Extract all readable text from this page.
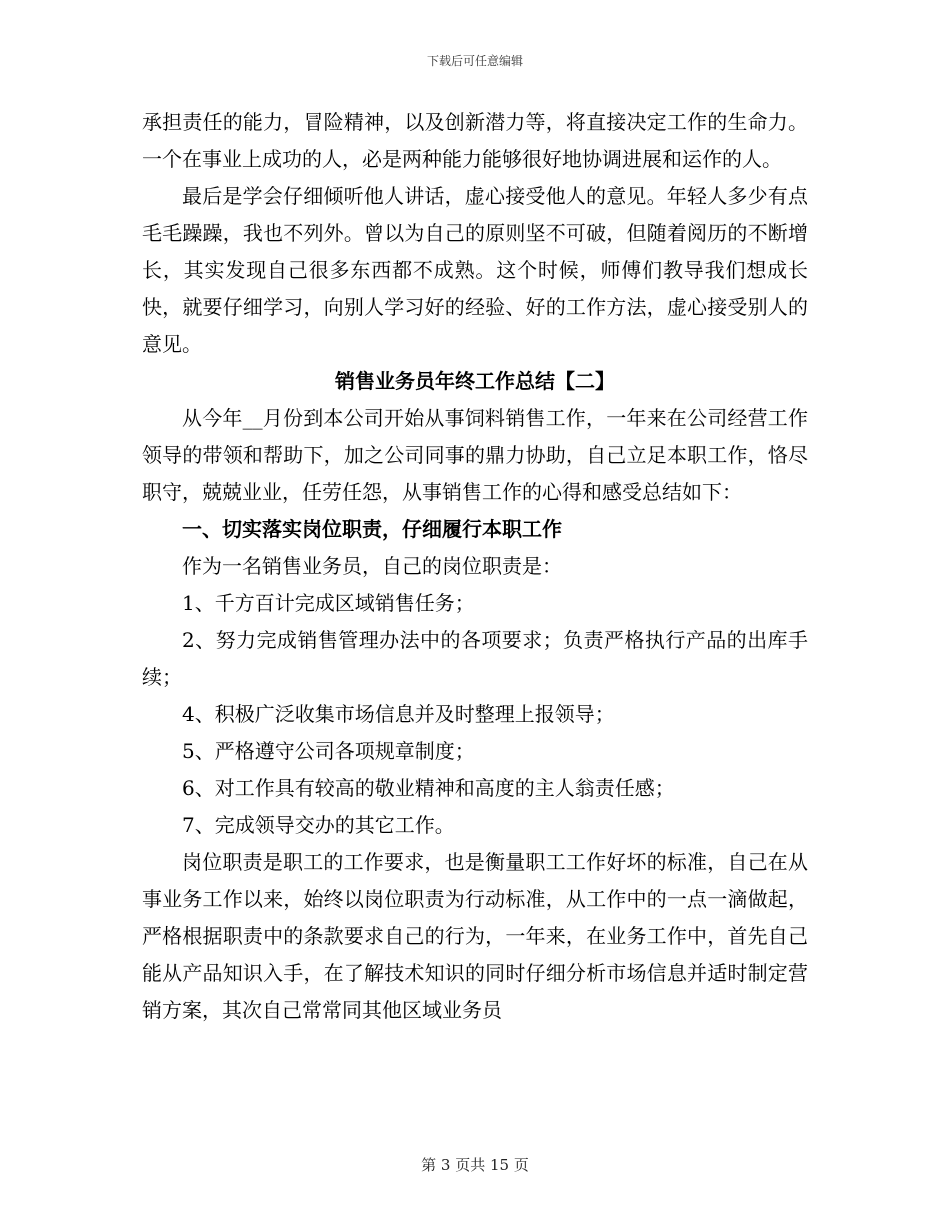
下载后可任意编辑

承担责任的能力，冒险精神，以及创新潜力等，将直接决定工作的生命力。一个在事业上成功的人，必是两种能力能够很好地协调进展和运作的人。

最后是学会仔细倾听他人讲话，虚心接受他人的意见。年轻人多少有点毛毛躁躁，我也不列外。曾以为自己的原则坚不可破，但随着阅历的不断增长，其实发现自己很多东西都不成熟。这个时候，师傅们教导我们想成长快，就要仔细学习，向别人学习好的经验、好的工作方法，虚心接受别人的意见。

销售业务员年终工作总结【二】

从今年__月份到本公司开始从事饲料销售工作，一年来在公司经营工作领导的带领和帮助下，加之公司同事的鼎力协助，自己立足本职工作，恪尽职守，兢兢业业，任劳任怨，从事销售工作的心得和感受总结如下：

一、切实落实岗位职责，仔细履行本职工作

作为一名销售业务员，自己的岗位职责是：

1、千方百计完成区域销售任务；

2、努力完成销售管理办法中的各项要求；负责严格执行产品的出库手续；

4、积极广泛收集市场信息并及时整理上报领导；

5、严格遵守公司各项规章制度；

6、对工作具有较高的敬业精神和高度的主人翁责任感；

7、完成领导交办的其它工作。

岗位职责是职工的工作要求，也是衡量职工工作好坏的标准，自己在从事业务工作以来，始终以岗位职责为行动标准，从工作中的一点一滴做起，严格根据职责中的条款要求自己的行为，一年来，在业务工作中，首先自己能从产品知识入手，在了解技术知识的同时仔细分析市场信息并适时制定营销方案，其次自己常常同其他区域业务员

第 3 页共 15 页
